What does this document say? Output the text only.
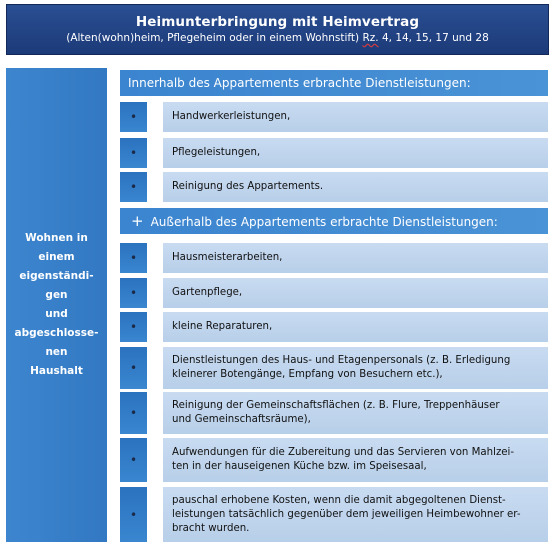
Heimunterbringung mit Heimvertrag
(Alten(wohn)heim, Pflegeheim oder in einem Wohnstift) Rz. 4, 14, 15, 17 und 28
Wohnen in
einem
eigenständi-
gen
und
abgeschlosse-
nen
Haushalt
Innerhalb des Appartements erbrachte Dienstleistungen:
•	Handwerkerleistungen,
•	Pflegeleistungen,
•	Reinigung des Appartements.
+ Außerhalb des Appartements erbrachte Dienstleistungen:
•	Hausmeisterarbeiten,
•	Gartenpflege,
•	kleine Reparaturen,
•
Dienstleistungen des Haus- und Etagenpersonals (z. B. Erledigung
kleinerer Botengänge, Empfang von Besuchern etc.),
•
Reinigung der Gemeinschaftsflächen (z. B. Flure, Treppenhäuser
und Gemeinschaftsräume),
•
Aufwendungen für die Zubereitung und das Servieren von Mahlzei-
ten in der hauseigenen Küche bzw. im Speisesaal,
•
pauschal erhobene Kosten, wenn die damit abgegoltenen Dienst-
leistungen tatsächlich gegenüber dem jeweiligen Heimbewohner er-
bracht wurden.
